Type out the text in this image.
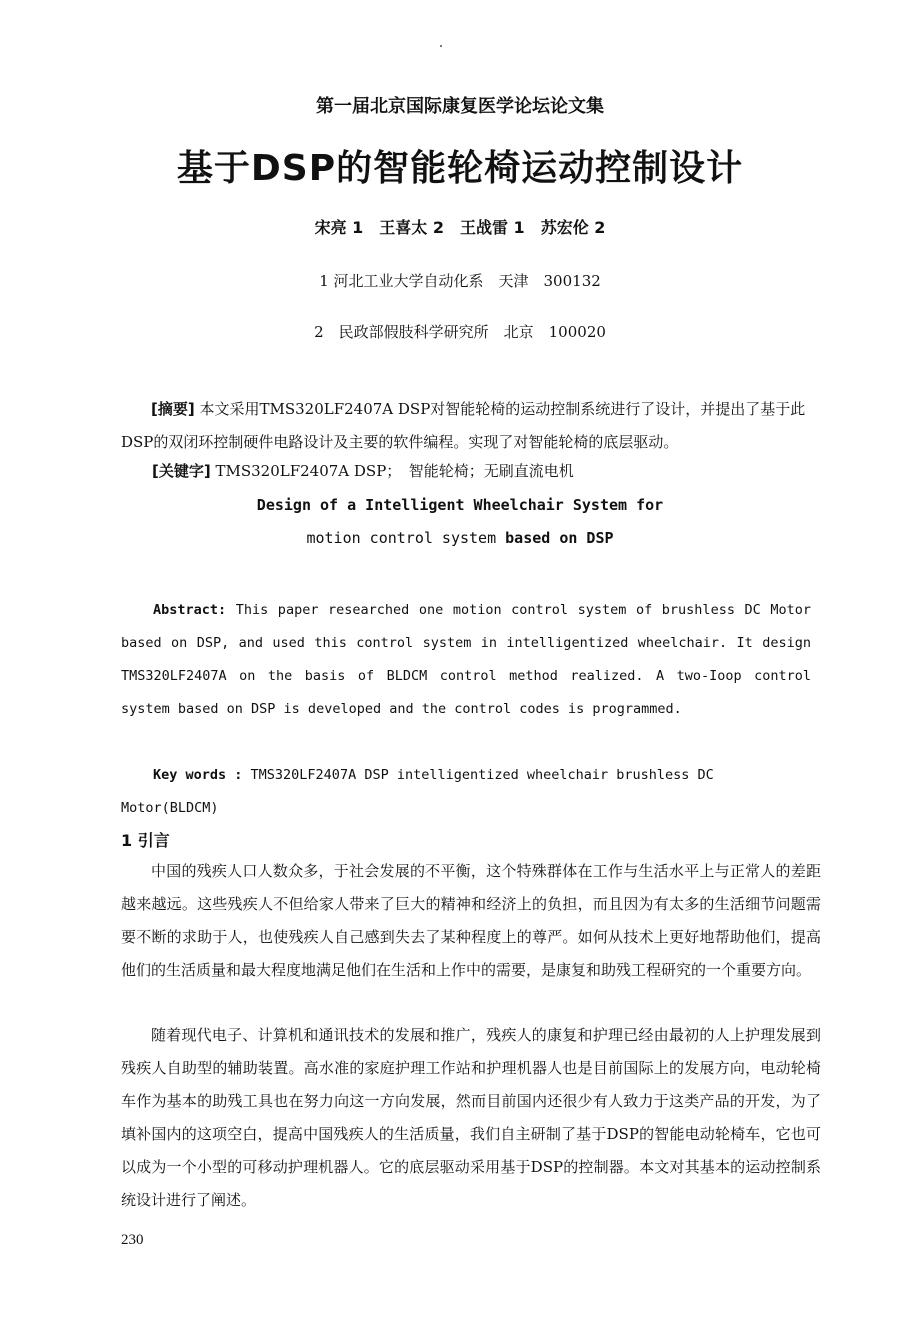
第一届北京国际康复医学论坛论文集
基于DSP的智能轮椅运动控制设计
宋亮 1　王喜太 2　王战雷 1　苏宏伦 2
1 河北工业大学自动化系　天津　300132
2　民政部假肢科学研究所　北京　100020
[摘要] 本文采用TMS320LF2407A DSP对智能轮椅的运动控制系统进行了设计，并提出了基于此DSP的双闭环控制硬件电路设计及主要的软件编程。实现了对智能轮椅的底层驱动。
[关键字] TMS320LF2407A DSP；　智能轮椅；无刷直流电机
Design of a Intelligent Wheelchair System for
motion control system based on DSP
Abstract: This paper researched one motion control system of brushless DC Motor based on DSP, and used this control system in intelligentized wheelchair. It design TMS320LF2407A on the basis of BLDCM control method realized. A two-Ioop control system based on DSP is developed and the control codes is programmed.
Key words : TMS320LF2407A DSP intelligentized wheelchair brushless DC Motor(BLDCM)
1 引言
中国的残疾人口人数众多，于社会发展的不平衡，这个特殊群体在工作与生活水平上与正常人的差距越来越远。这些残疾人不但给家人带来了巨大的精神和经济上的负担，而且因为有太多的生活细节问题需要不断的求助于人，也使残疾人自己感到失去了某种程度上的尊严。如何从技术上更好地帮助他们，提高他们的生活质量和最大程度地满足他们在生活和上作中的需要，是康复和助残工程研究的一个重要方向。
随着现代电子、计算机和通讯技术的发展和推广，残疾人的康复和护理已经由最初的人上护理发展到残疾人自助型的辅助装置。高水准的家庭护理工作站和护理机器人也是目前国际上的发展方向，电动轮椅车作为基本的助残工具也在努力向这一方向发展，然而目前国内还很少有人致力于这类产品的开发，为了填补国内的这项空白，提高中国残疾人的生活质量，我们自主研制了基于DSP的智能电动轮椅车，它也可以成为一个小型的可移动护理机器人。它的底层驱动采用基于DSP的控制器。本文对其基本的运动控制系统设计进行了阐述。
230
